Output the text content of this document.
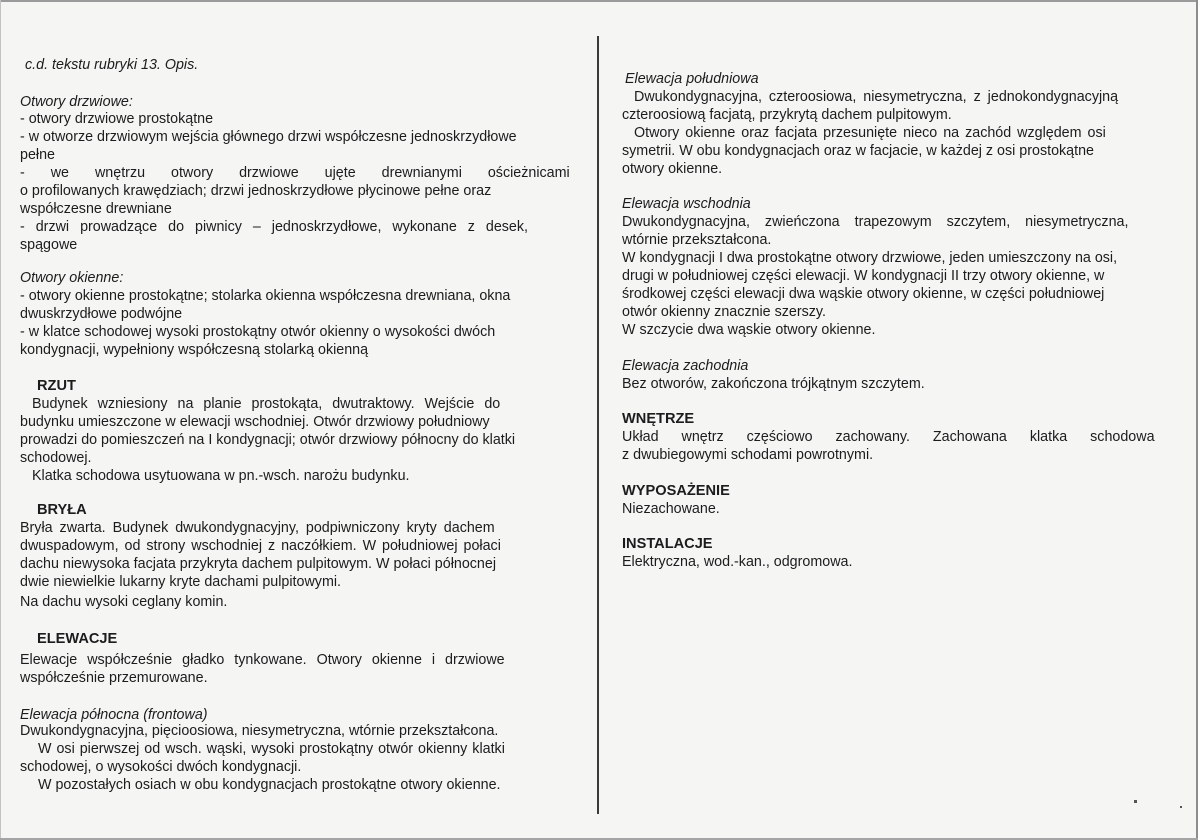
c.d. tekstu rubryki 13. Opis.
Otwory drzwiowe:
- otwory drzwiowe prostokątne
- w otworze drzwiowym wejścia głównego drzwi współczesne jednoskrzydłowe
pełne
- we wnętrzu otwory drzwiowe ujęte drewnianymi ościeżnicami
o profilowanych krawędziach; drzwi jednoskrzydłowe płycinowe pełne oraz
współczesne drewniane
- drzwi prowadzące do piwnicy – jednoskrzydłowe, wykonane z desek,
spągowe
Otwory okienne:
- otwory okienne prostokątne; stolarka okienna współczesna drewniana, okna
dwuskrzydłowe podwójne
- w klatce schodowej wysoki prostokątny otwór okienny o wysokości dwóch
kondygnacji, wypełniony współczesną stolarką okienną
RZUT
Budynek wzniesiony na planie prostokąta, dwutraktowy. Wejście do
budynku umieszczone w elewacji wschodniej. Otwór drzwiowy południowy
prowadzi do pomieszczeń na I kondygnacji; otwór drzwiowy północny do klatki
schodowej.
Klatka schodowa usytuowana w pn.-wsch. narożu budynku.
BRYŁA
Bryła zwarta. Budynek dwukondygnacyjny, podpiwniczony kryty dachem
dwuspadowym, od strony wschodniej z naczółkiem. W południowej połaci
dachu niewysoka facjata przykryta dachem pulpitowym. W połaci północnej
dwie niewielkie lukarny kryte dachami pulpitowymi.
Na dachu wysoki ceglany komin.
ELEWACJE
Elewacje współcześnie gładko tynkowane. Otwory okienne i drzwiowe
współcześnie przemurowane.
Elewacja północna (frontowa)
Dwukondygnacyjna, pięcioosiowa, niesymetryczna, wtórnie przekształcona.
W osi pierwszej od wsch. wąski, wysoki prostokątny otwór okienny klatki
schodowej, o wysokości dwóch kondygnacji.
W pozostałych osiach w obu kondygnacjach prostokątne otwory okienne.
Elewacja południowa
Dwukondygnacyjna, czteroosiowa, niesymetryczna, z jednokondygnacyjną
czteroosiową facjatą, przykrytą dachem pulpitowym.
Otwory okienne oraz facjata przesunięte nieco na zachód względem osi
symetrii. W obu kondygnacjach oraz w facjacie, w każdej z osi prostokątne
otwory okienne.
Elewacja wschodnia
Dwukondygnacyjna, zwieńczona trapezowym szczytem, niesymetryczna,
wtórnie przekształcona.
W kondygnacji I dwa prostokątne otwory drzwiowe, jeden umieszczony na osi,
drugi w południowej części elewacji. W kondygnacji II trzy otwory okienne, w
środkowej części elewacji dwa wąskie otwory okienne, w części południowej
otwór okienny znacznie szerszy.
W szczycie dwa wąskie otwory okienne.
Elewacja zachodnia
Bez otworów, zakończona trójkątnym szczytem.
WNĘTRZE
Układ wnętrz częściowo zachowany. Zachowana klatka schodowa
z dwubiegowymi schodami powrotnymi.
WYPOSAŻENIE
Niezachowane.
INSTALACJE
Elektryczna, wod.-kan., odgromowa.
